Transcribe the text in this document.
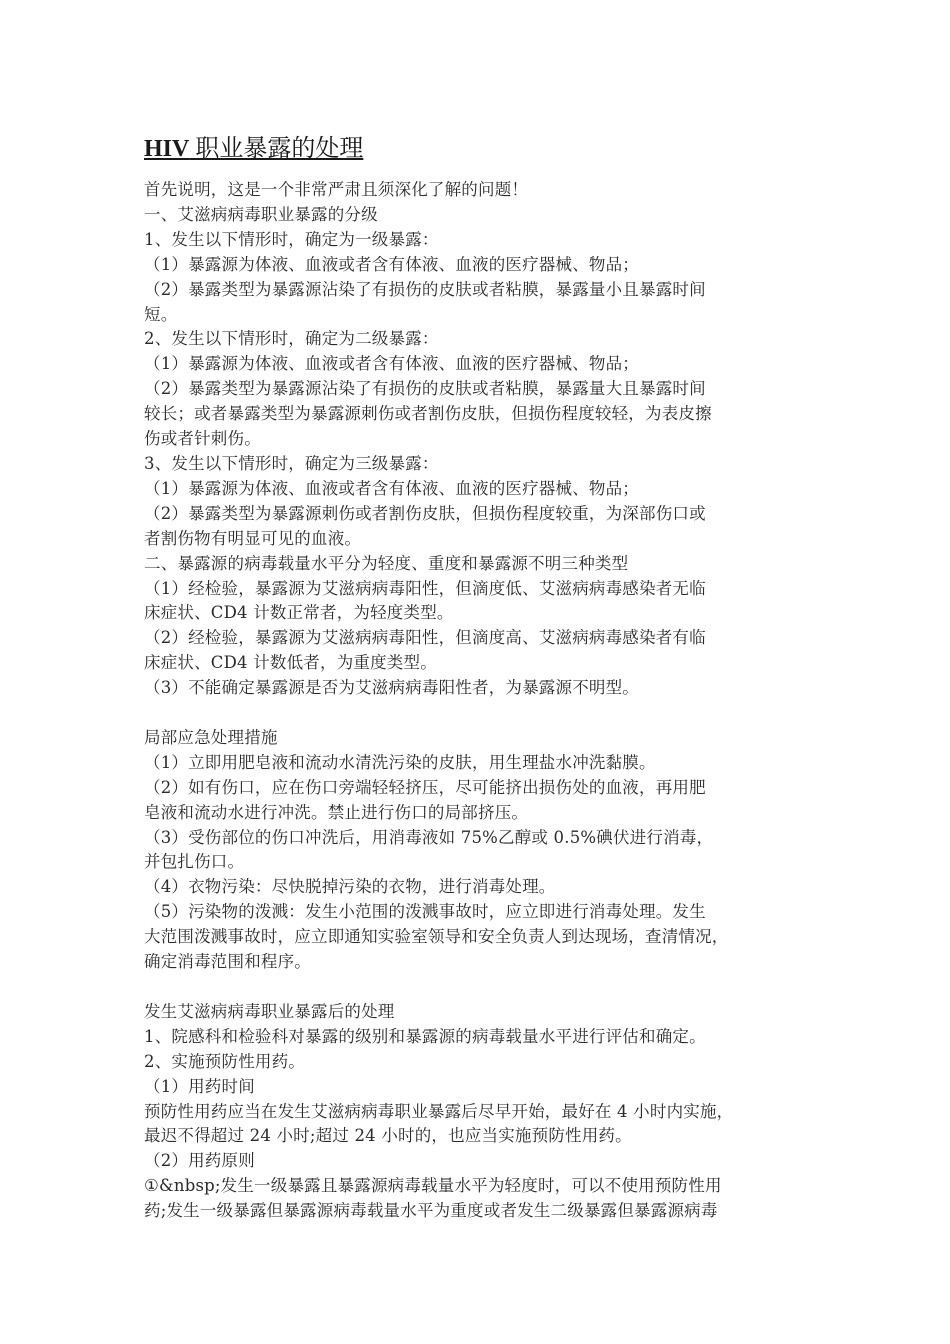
HIV 职业暴露的处理
首先说明，这是一个非常严肃且须深化了解的问题！
一、艾滋病病毒职业暴露的分级
1、发生以下情形时，确定为一级暴露：
（1）暴露源为体液、血液或者含有体液、血液的医疗器械、物品；
（2）暴露类型为暴露源沾染了有损伤的皮肤或者粘膜，暴露量小且暴露时间
短。
2、发生以下情形时，确定为二级暴露：
（1）暴露源为体液、血液或者含有体液、血液的医疗器械、物品；
（2）暴露类型为暴露源沾染了有损伤的皮肤或者粘膜，暴露量大且暴露时间
较长；或者暴露类型为暴露源刺伤或者割伤皮肤，但损伤程度较轻，为表皮擦
伤或者针刺伤。
3、发生以下情形时，确定为三级暴露：
（1）暴露源为体液、血液或者含有体液、血液的医疗器械、物品；
（2）暴露类型为暴露源刺伤或者割伤皮肤，但损伤程度较重，为深部伤口或
者割伤物有明显可见的血液。
二、暴露源的病毒载量水平分为轻度、重度和暴露源不明三种类型
（1）经检验，暴露源为艾滋病病毒阳性，但滴度低、艾滋病病毒感染者无临
床症状、CD4 计数正常者，为轻度类型。
（2）经检验，暴露源为艾滋病病毒阳性，但滴度高、艾滋病病毒感染者有临
床症状、CD4 计数低者，为重度类型。
（3）不能确定暴露源是否为艾滋病病毒阳性者，为暴露源不明型。
局部应急处理措施
（1）立即用肥皂液和流动水清洗污染的皮肤，用生理盐水冲洗黏膜。
（2）如有伤口，应在伤口旁端轻轻挤压，尽可能挤出损伤处的血液，再用肥
皂液和流动水进行冲洗。禁止进行伤口的局部挤压。
（3）受伤部位的伤口冲洗后，用消毒液如 75%乙醇或 0.5%碘伏进行消毒，
并包扎伤口。
（4）衣物污染：尽快脱掉污染的衣物，进行消毒处理。
（5）污染物的泼溅：发生小范围的泼溅事故时，应立即进行消毒处理。发生
大范围泼溅事故时，应立即通知实验室领导和安全负责人到达现场，查清情况，
确定消毒范围和程序。
发生艾滋病病毒职业暴露后的处理
1、院感科和检验科对暴露的级别和暴露源的病毒载量水平进行评估和确定。
2、实施预防性用药。
（1）用药时间
预防性用药应当在发生艾滋病病毒职业暴露后尽早开始，最好在 4 小时内实施，
最迟不得超过 24 小时;超过 24 小时的，也应当实施预防性用药。
（2）用药原则
①&nbsp;发生一级暴露且暴露源病毒载量水平为轻度时，可以不使用预防性用
药;发生一级暴露但暴露源病毒载量水平为重度或者发生二级暴露但暴露源病毒
